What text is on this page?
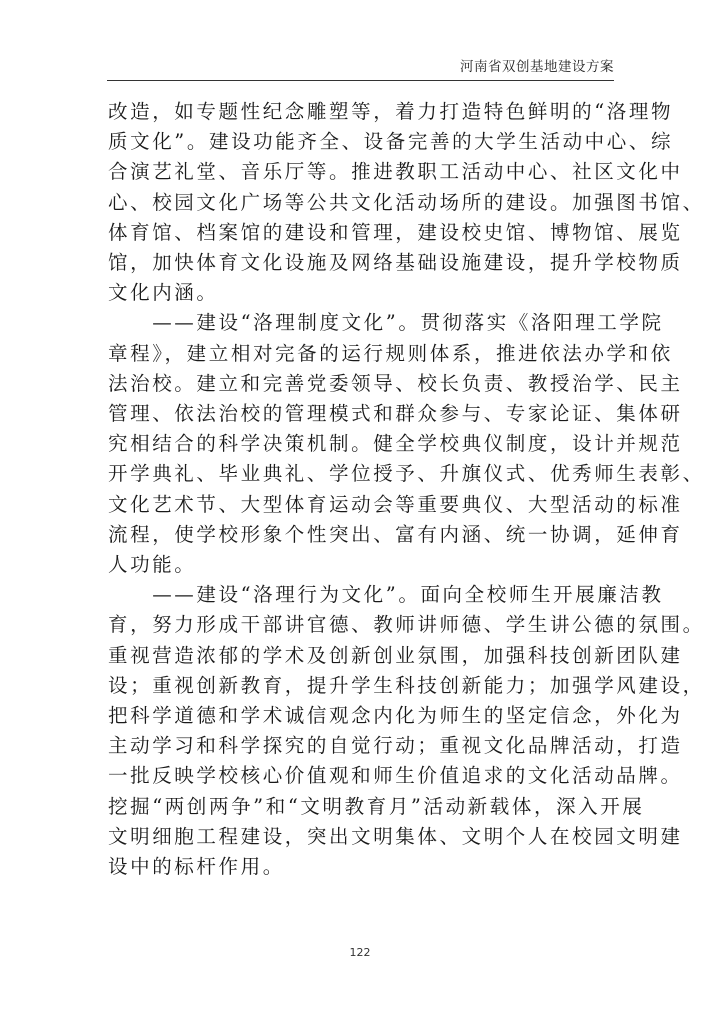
河南省双创基地建设方案

改造，如专题性纪念雕塑等，着力打造特色鲜明的“洛理物
质文化”。建设功能齐全、设备完善的大学生活动中心、综
合演艺礼堂、音乐厅等。推进教职工活动中心、社区文化中
心、校园文化广场等公共文化活动场所的建设。加强图书馆、
体育馆、档案馆的建设和管理，建设校史馆、博物馆、展览
馆，加快体育文化设施及网络基础设施建设，提升学校物质
文化内涵。

　　——建设“洛理制度文化”。贯彻落实《洛阳理工学院
章程》，建立相对完备的运行规则体系，推进依法办学和依
法治校。建立和完善党委领导、校长负责、教授治学、民主
管理、依法治校的管理模式和群众参与、专家论证、集体研
究相结合的科学决策机制。健全学校典仪制度，设计并规范
开学典礼、毕业典礼、学位授予、升旗仪式、优秀师生表彰、
文化艺术节、大型体育运动会等重要典仪、大型活动的标准
流程，使学校形象个性突出、富有内涵、统一协调，延伸育
人功能。

　　——建设“洛理行为文化”。面向全校师生开展廉洁教
育，努力形成干部讲官德、教师讲师德、学生讲公德的氛围。
重视营造浓郁的学术及创新创业氛围，加强科技创新团队建
设；重视创新教育，提升学生科技创新能力；加强学风建设，
把科学道德和学术诚信观念内化为师生的坚定信念，外化为
主动学习和科学探究的自觉行动；重视文化品牌活动，打造
一批反映学校核心价值观和师生价值追求的文化活动品牌。
挖掘“两创两争”和“文明教育月”活动新载体，深入开展
文明细胞工程建设，突出文明集体、文明个人在校园文明建
设中的标杆作用。

122
